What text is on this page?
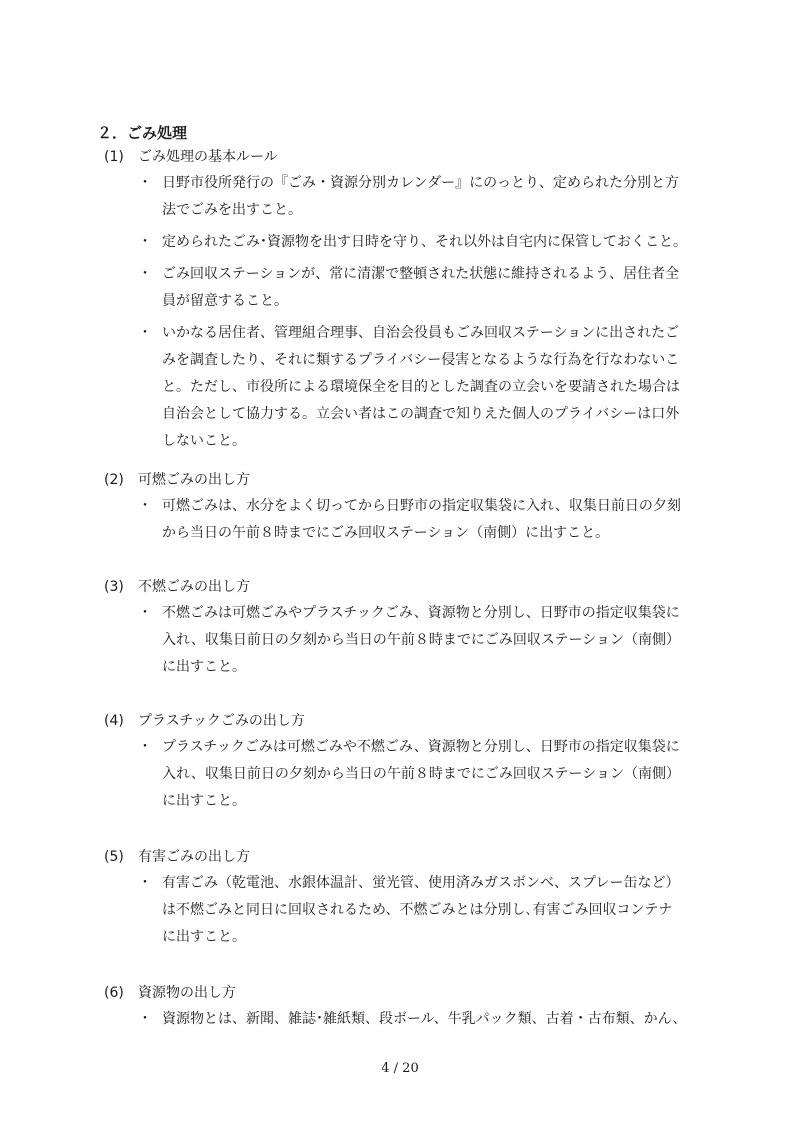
２．ごみ処理
(1) ごみ処理の基本ルール
・ 日野市役所発行の『ごみ・資源分別カレンダー』にのっとり、定められた分別と方
法でごみを出すこと。
・ 定められたごみ･資源物を出す日時を守り、それ以外は自宅内に保管しておくこと。
・ ごみ回収ステーションが、常に清潔で整頓された状態に維持されるよう、居住者全
員が留意すること。
・ いかなる居住者、管理組合理事、自治会役員もごみ回収ステーションに出されたご
みを調査したり、それに類するプライバシー侵害となるような行為を行なわないこ
と。ただし、市役所による環境保全を目的とした調査の立会いを要請された場合は
自治会として協力する。立会い者はこの調査で知りえた個人のプライバシーは口外
しないこと。
(2) 可燃ごみの出し方
・ 可燃ごみは、水分をよく切ってから日野市の指定収集袋に入れ、収集日前日の夕刻
から当日の午前８時までにごみ回収ステーション（南側）に出すこと。
(3) 不燃ごみの出し方
・ 不燃ごみは可燃ごみやプラスチックごみ、資源物と分別し、日野市の指定収集袋に
入れ、収集日前日の夕刻から当日の午前８時までにごみ回収ステーション（南側）
に出すこと。
(4) プラスチックごみの出し方
・ プラスチックごみは可燃ごみや不燃ごみ、資源物と分別し、日野市の指定収集袋に
入れ、収集日前日の夕刻から当日の午前８時までにごみ回収ステーション（南側）
に出すこと。
(5) 有害ごみの出し方
・ 有害ごみ（乾電池、水銀体温計、蛍光管、使用済みガスボンベ、スプレー缶など）
は不燃ごみと同日に回収されるため、不燃ごみとは分別し､有害ごみ回収コンテナ
に出すこと。
(6) 資源物の出し方
・ 資源物とは、新聞、雑誌･雑紙類、段ボール、牛乳パック類、古着・古布類、かん、
4 / 20
